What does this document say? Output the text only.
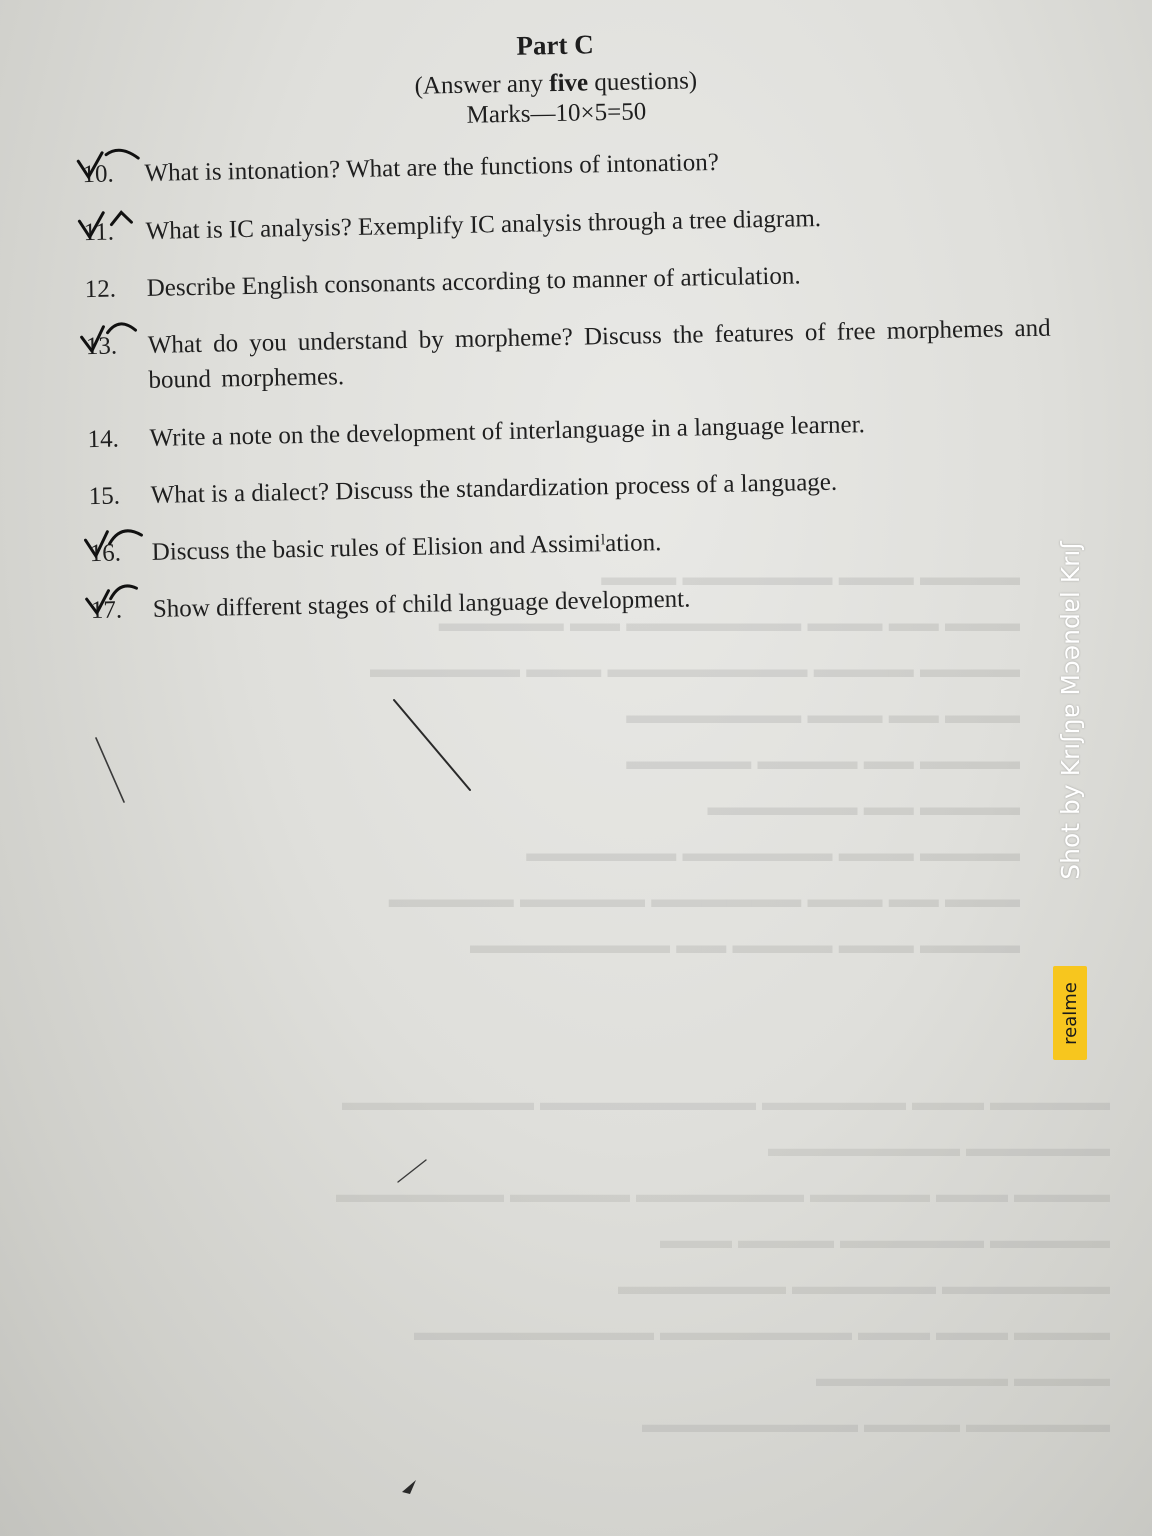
▬▬▬▬ ▬▬▬ ▬▬▬▬▬▬ ▬▬▬
▬▬▬ ▬▬ ▬▬▬ ▬▬▬▬▬▬▬ ▬▬ ▬▬▬▬▬
▬▬▬▬ ▬▬▬▬ ▬▬▬▬▬▬▬▬ ▬▬▬ ▬▬▬▬▬▬
▬▬▬ ▬▬ ▬▬▬ ▬▬▬▬▬▬▬
▬▬▬▬ ▬▬ ▬▬▬▬ ▬▬▬▬▬
▬▬▬▬ ▬▬ ▬▬▬▬▬▬
▬▬▬▬ ▬▬▬ ▬▬▬▬▬▬ ▬▬▬▬▬▬
▬▬▬ ▬▬ ▬▬▬ ▬▬▬▬▬▬ ▬▬▬▬▬ ▬▬▬▬▬
▬▬▬▬ ▬▬▬ ▬▬▬▬ ▬▬ ▬▬▬▬▬▬▬▬
▬▬▬▬▬ ▬▬▬ ▬▬▬▬▬▬ ▬▬▬▬▬▬▬▬▬ ▬▬▬▬▬▬▬▬
▬▬▬▬▬▬ ▬▬▬▬▬▬▬▬
▬▬▬▬ ▬▬▬ ▬▬▬▬▬ ▬▬▬▬▬▬▬ ▬▬▬▬▬ ▬▬▬▬▬▬▬
▬▬▬▬▬ ▬▬▬▬▬▬ ▬▬▬▬ ▬▬▬
▬▬▬▬▬▬▬ ▬▬▬▬▬▬ ▬▬▬▬▬▬▬
▬▬▬▬ ▬▬▬ ▬▬▬ ▬▬▬▬▬▬▬▬ ▬▬▬▬▬▬▬▬▬▬
▬▬▬▬ ▬▬▬▬▬▬▬▬
▬▬▬▬▬▬ ▬▬▬▬ ▬▬▬▬▬▬▬▬▬
Part C
(Answer any five questions)
Marks—10×5=50
10.	What is intonation? What are the functions of intonation?
11.	What is IC analysis? Exemplify IC analysis through a tree diagram.
12.	Describe English consonants according to manner of articulation.
13.	What do you understand by morpheme? Discuss the features of free morphemes and bound morphemes.
14.	Write a note on the development of interlanguage in a language learner.
15.	What is a dialect? Discuss the standardization process of a language.
16.	Discuss the basic rules of Elision and Assimiˡation.
17.	Show different stages of child language development.	Shot by Krıʃŋɐ Mɔəndɐl Krıʃ
realme
